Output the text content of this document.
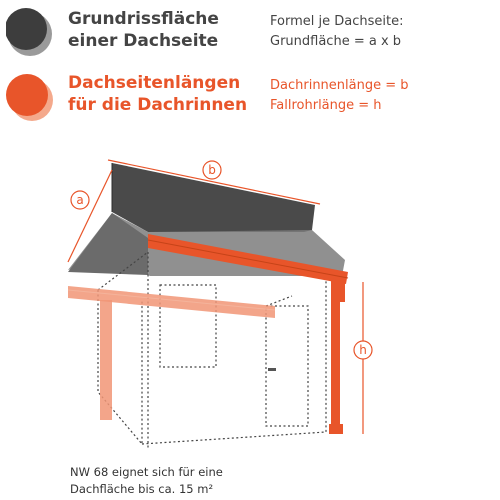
Grundrissfläche
einer Dachseite
Formel je Dachseite:
Grundfläche = a x b
Dachseitenlängen
für die Dachrinnen
Dachrinnenlänge = b
Fallrohrlänge = h
a
b
h
NW 68 eignet sich für eine
Dachfläche bis ca. 15 m²
